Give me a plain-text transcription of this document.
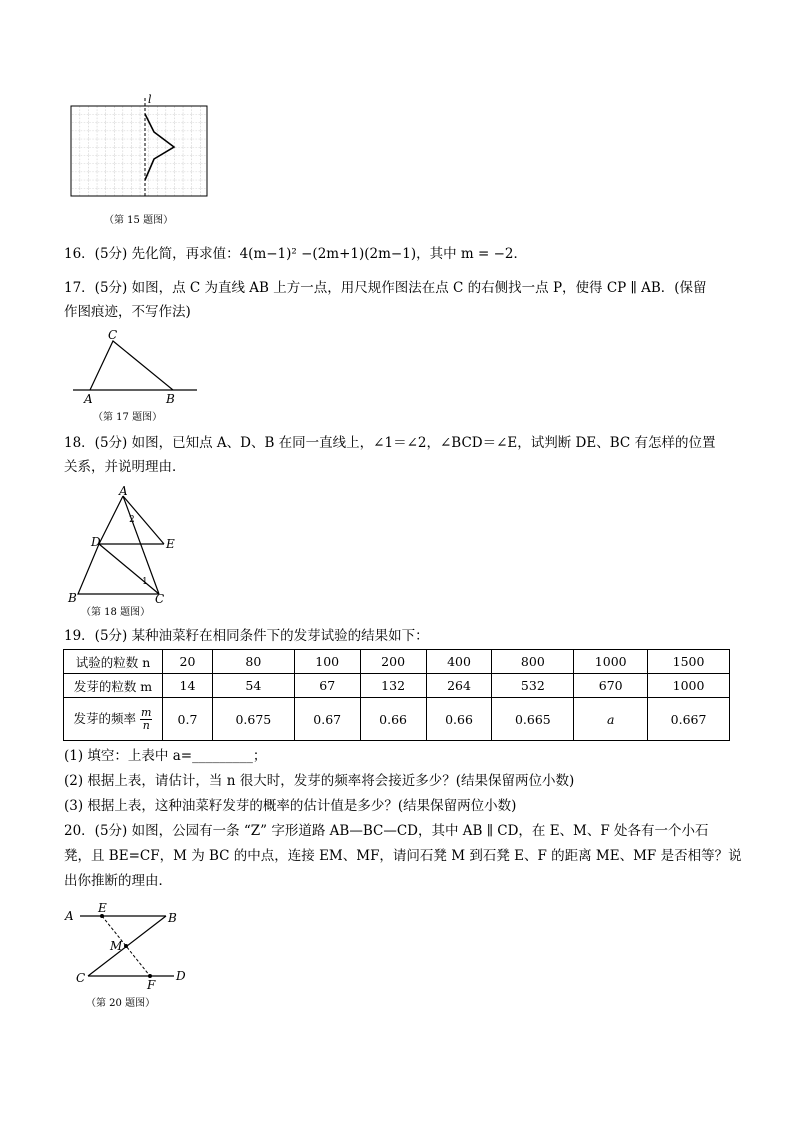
l
（第 15 题图）
16．(5分) 先化简，再求值：4(m−1)² −(2m+1)(2m−1)，其中 m = −2．
17．(5分) 如图，点 C 为直线 AB 上方一点，用尺规作图法在点 C 的右侧找一点 P，使得 CP ∥ AB．(保留
作图痕迹，不写作法)
C
A	B
（第 17 题图）
18．(5分) 如图，已知点 A、D、B 在同一直线上，∠1＝∠2，∠BCD＝∠E，试判断 DE、BC 有怎样的位置
关系，并说明理由．
A
D	E
B	C
1
2
（第 18 题图）
19．(5分) 某种油菜籽在相同条件下的发芽试验的结果如下：
试验的粒数 n	20	80	100	200	400	800	1000	1500
发芽的粒数 m	14	54	67	132	264	532	670	1000
发芽的频率 $\frac{m}{n}$	0.7	0.675	0.67	0.66	0.66	0.665	a	0.667
(1) 填空：上表中 a=_________；
(2) 根据上表，请估计，当 n 很大时，发芽的频率将会接近多少？(结果保留两位小数)
(3) 根据上表，这种油菜籽发芽的概率的估计值是多少？(结果保留两位小数)
20．(5分) 如图，公园有一条 “Z” 字形道路 AB—BC—CD，其中 AB ∥ CD，在 E、M、F 处各有一个小石
凳，且 BE=CF，M 为 BC 的中点，连接 EM、MF，请问石凳 M 到石凳 E、F 的距离 ME、MF 是否相等？说
出你推断的理由．
A
E
B
M
C	F
D
（第 20 题图）
